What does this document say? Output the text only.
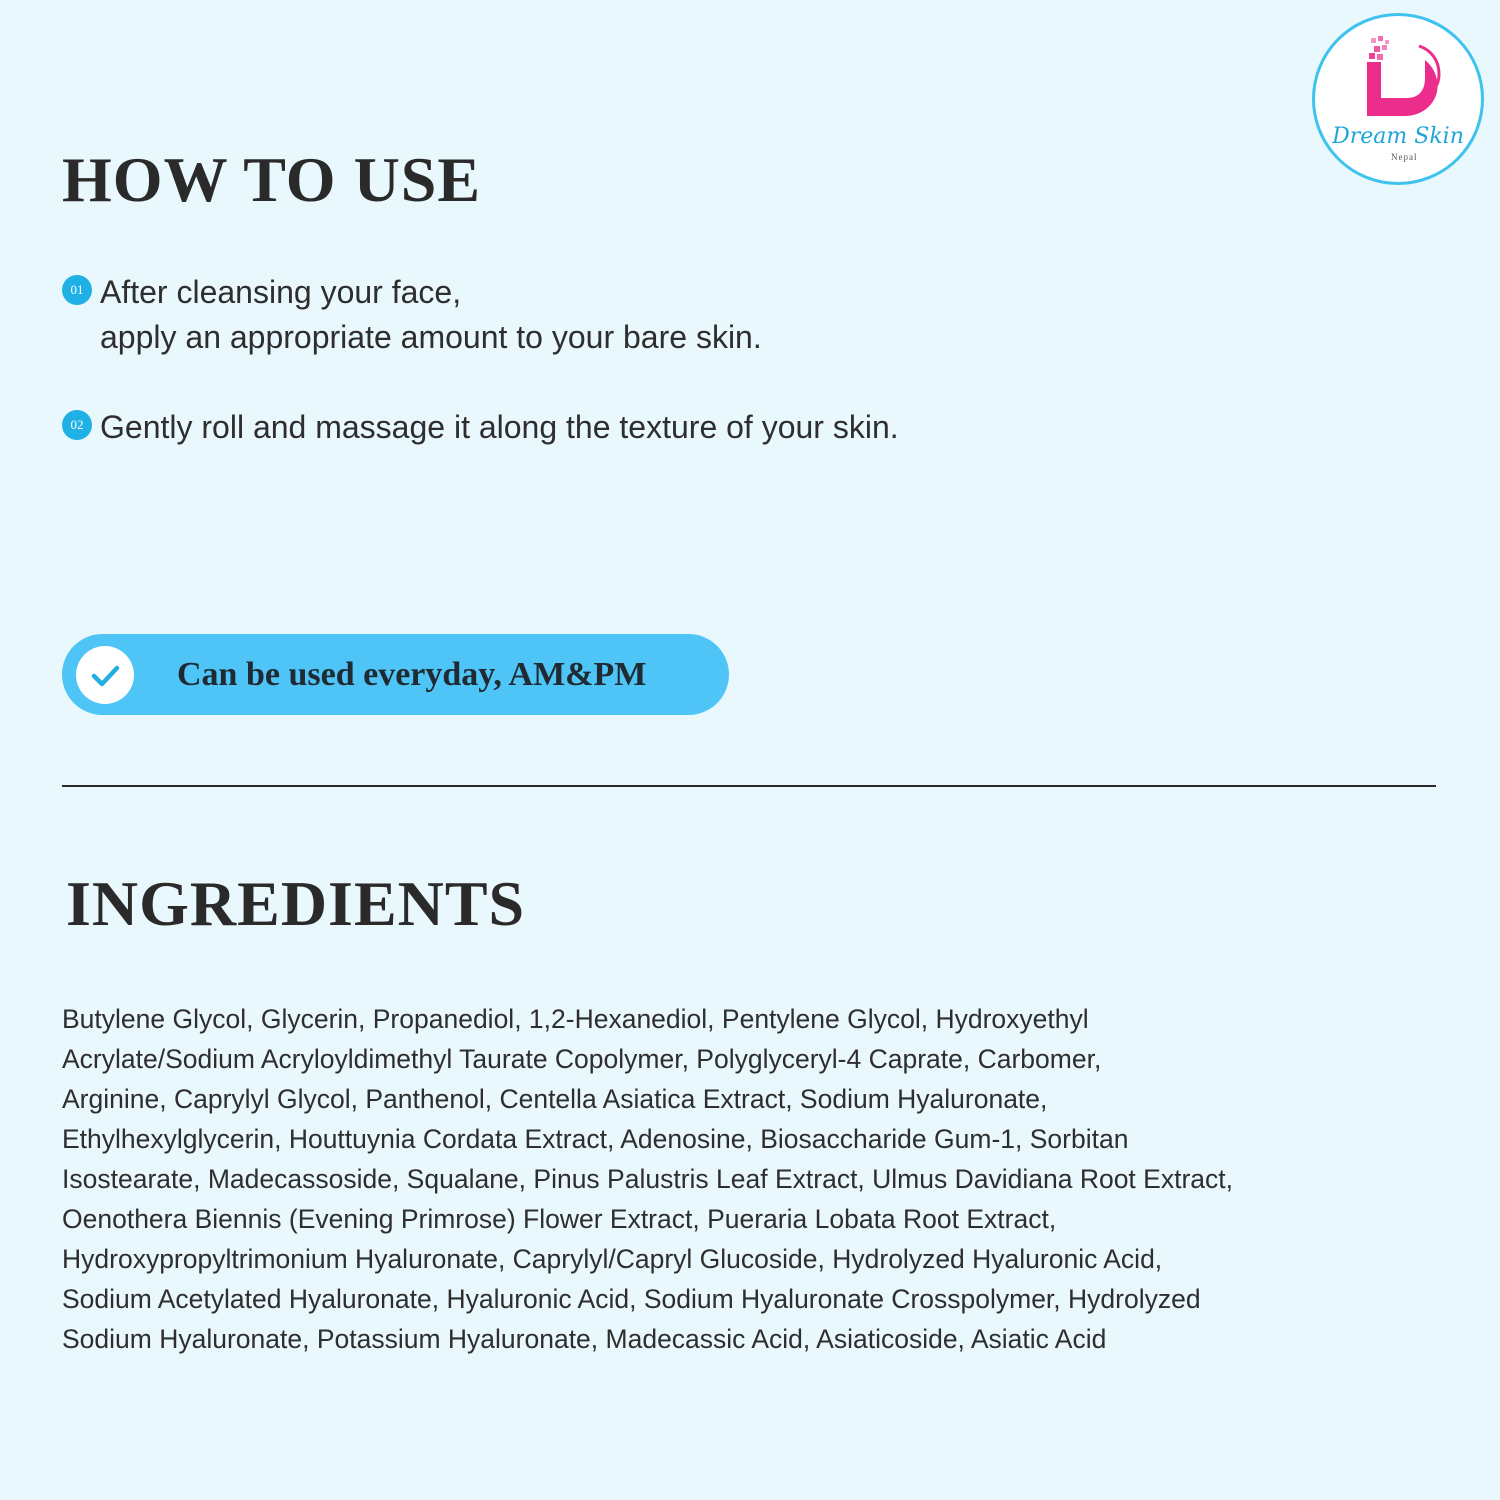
Dream Skin
Nepal
HOW TO USE
01 After cleansing your face,
apply an appropriate amount to your bare skin.
02 Gently roll and massage it along the texture of your skin.
Can be used everyday, AM&PM
INGREDIENTS
Butylene Glycol, Glycerin, Propanediol, 1,2-Hexanediol, Pentylene Glycol, Hydroxyethyl
Acrylate/Sodium Acryloyldimethyl Taurate Copolymer, Polyglyceryl-4 Caprate, Carbomer,
Arginine, Caprylyl Glycol, Panthenol, Centella Asiatica Extract, Sodium Hyaluronate,
Ethylhexylglycerin, Houttuynia Cordata Extract, Adenosine, Biosaccharide Gum-1, Sorbitan
Isostearate, Madecassoside, Squalane, Pinus Palustris Leaf Extract, Ulmus Davidiana Root Extract,
Oenothera Biennis (Evening Primrose) Flower Extract, Pueraria Lobata Root Extract,
Hydroxypropyltrimonium Hyaluronate, Caprylyl/Capryl Glucoside, Hydrolyzed Hyaluronic Acid,
Sodium Acetylated Hyaluronate, Hyaluronic Acid, Sodium Hyaluronate Crosspolymer, Hydrolyzed
Sodium Hyaluronate, Potassium Hyaluronate, Madecassic Acid, Asiaticoside, Asiatic Acid
